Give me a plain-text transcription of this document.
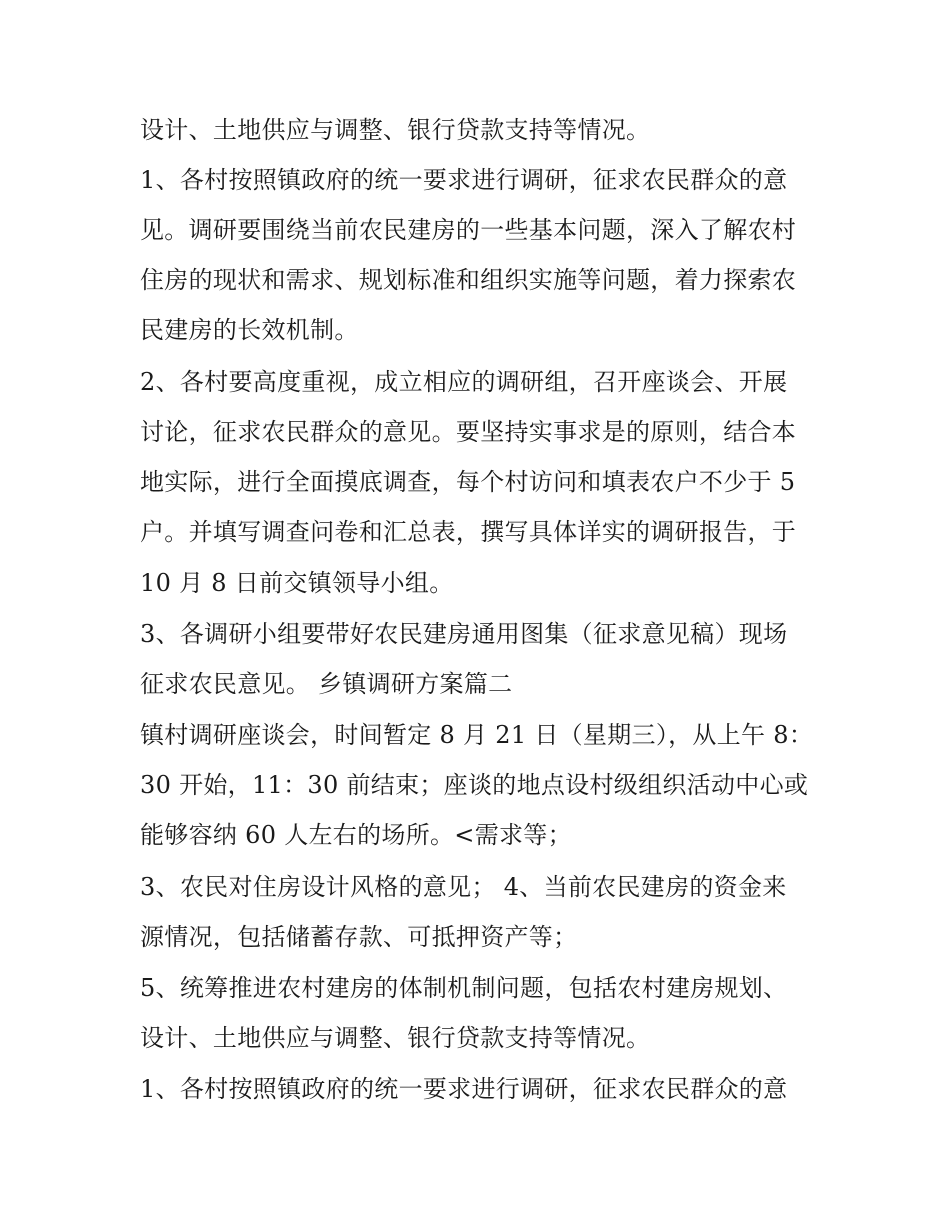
设计、土地供应与调整、银行贷款支持等情况。
1、各村按照镇政府的统一要求进行调研，征求农民群众的意
见。调研要围绕当前农民建房的一些基本问题，深入了解农村
住房的现状和需求、规划标准和组织实施等问题，着力探索农
民建房的长效机制。
2、各村要高度重视，成立相应的调研组，召开座谈会、开展
讨论，征求农民群众的意见。要坚持实事求是的原则，结合本
地实际，进行全面摸底调查，每个村访问和填表农户不少于 5
户。并填写调查问卷和汇总表，撰写具体详实的调研报告，于
10 月 8 日前交镇领导小组。
3、各调研小组要带好农民建房通用图集（征求意见稿）现场
征求农民意见。 乡镇调研方案篇二
镇村调研座谈会，时间暂定 8 月 21 日（星期三），从上午 8：
30 开始，11：30 前结束；座谈的地点设村级组织活动中心或
能够容纳 60 人左右的场所。<需求等；
3、农民对住房设计风格的意见； 4、当前农民建房的资金来
源情况，包括储蓄存款、可抵押资产等；
5、统筹推进农村建房的体制机制问题，包括农村建房规划、
设计、土地供应与调整、银行贷款支持等情况。
1、各村按照镇政府的统一要求进行调研，征求农民群众的意
